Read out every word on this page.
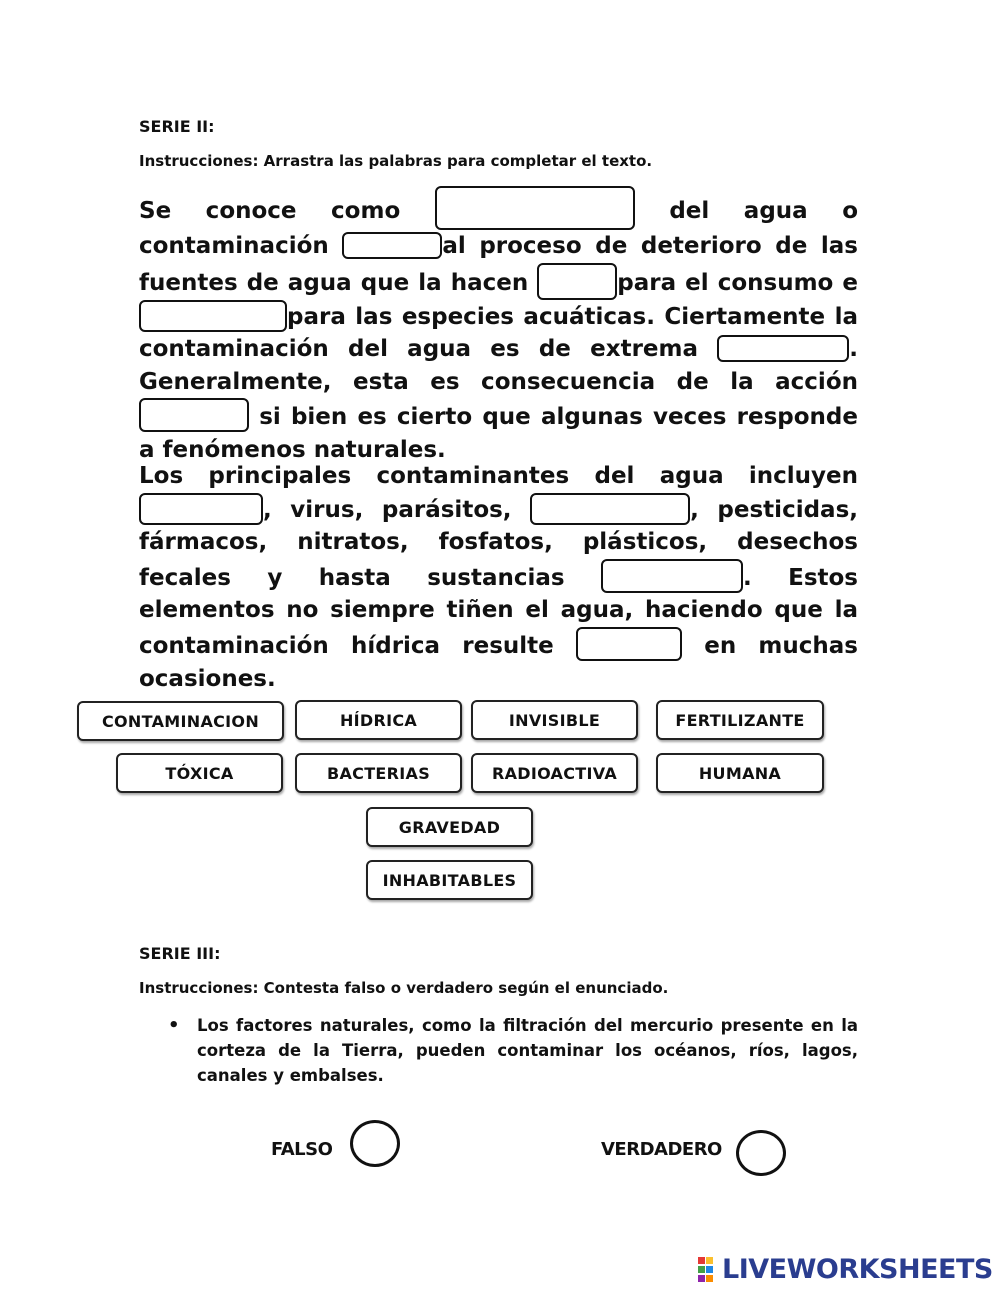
SERIE II:
Instrucciones: Arrastra las palabras para completar el texto.

Se conoce como	del agua o contaminación	al proceso de deterioro de las fuentes de agua que la hacen	para el consumo e para las especies acuáticas. Ciertamente la contaminación del agua es de extrema	. Generalmente, esta es consecuencia de la acción  si bien es cierto que algunas veces responde a fenómenos naturales.

Los principales contaminantes del agua incluyen , virus, parásitos,	, pesticidas, fármacos, nitratos, fosfatos, plásticos, desechos fecales y hasta sustancias	. Estos elementos no siempre tiñen el agua, haciendo que la contaminación hídrica resulte	en muchas ocasiones.

CONTAMINACION	HÍDRICA	INVISIBLE	FERTILIZANTE
TÓXICA	BACTERIAS	RADIOACTIVA	HUMANA
GRAVEDAD
INHABITABLES
SERIE III:
Instrucciones: Contesta falso o verdadero según el enunciado.
• Los factores naturales, como la filtración del mercurio presente en la corteza de la Tierra, pueden contaminar los océanos, ríos, lagos, canales y embalses.

FALSO	VERDADERO
LIVEWORKSHEETS
